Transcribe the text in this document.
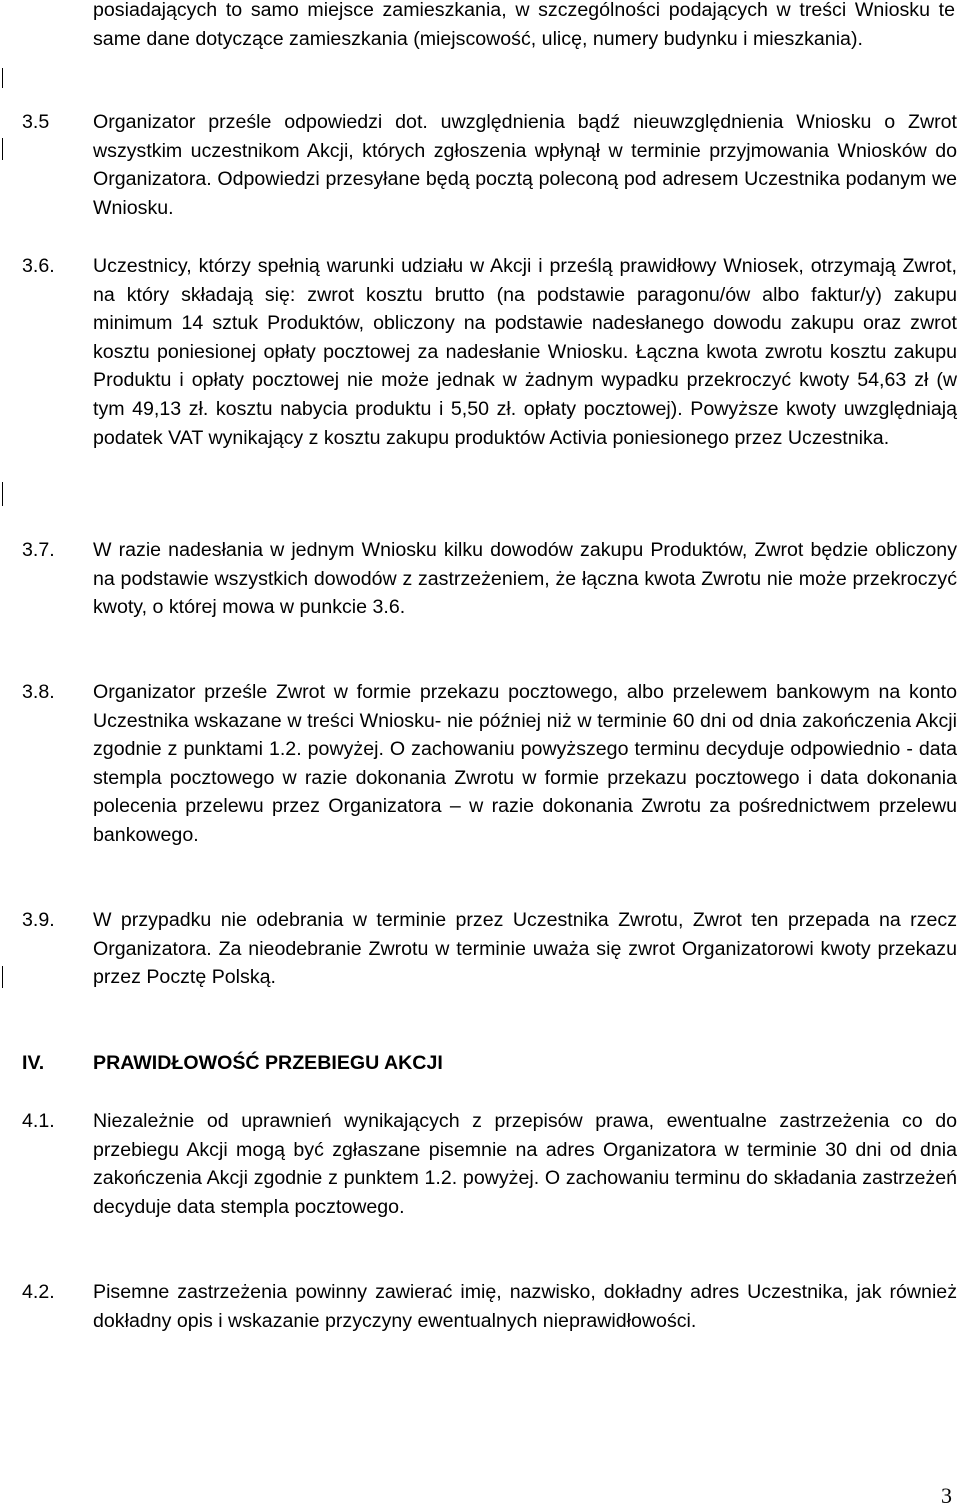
posiadających to samo miejsce zamieszkania, w szczególności podających w treści Wniosku te same dane dotyczące zamieszkania (miejscowość, ulicę, numery budynku i mieszkania).
3.5	Organizator prześle odpowiedzi dot. uwzględnienia bądź nieuwzględnienia Wniosku o Zwrot wszystkim uczestnikom Akcji, których zgłoszenia wpłynął w terminie przyjmowania Wniosków do Organizatora. Odpowiedzi przesyłane będą pocztą poleconą pod adresem Uczestnika podanym we Wniosku.
3.6.	Uczestnicy, którzy spełnią warunki udziału w Akcji i prześlą prawidłowy Wniosek, otrzymają Zwrot, na który składają się: zwrot kosztu brutto (na podstawie paragonu/ów albo faktur/y) zakupu minimum 14 sztuk Produktów, obliczony na podstawie nadesłanego dowodu zakupu oraz zwrot kosztu poniesionej opłaty pocztowej za nadesłanie Wniosku. Łączna kwota zwrotu kosztu zakupu Produktu i opłaty pocztowej nie może jednak w żadnym wypadku przekroczyć kwoty 54,63 zł (w tym 49,13 zł. kosztu nabycia produktu i 5,50 zł. opłaty pocztowej). Powyższe kwoty uwzględniają podatek VAT wynikający z kosztu zakupu produktów Activia poniesionego przez Uczestnika.
3.7.	W razie nadesłania w jednym Wniosku kilku dowodów zakupu Produktów, Zwrot będzie obliczony na podstawie wszystkich dowodów z zastrzeżeniem, że łączna kwota Zwrotu nie może przekroczyć kwoty, o której mowa w punkcie 3.6.
3.8.	Organizator prześle Zwrot w formie przekazu pocztowego, albo przelewem bankowym na konto Uczestnika wskazane w treści Wniosku- nie później niż w terminie 60 dni od dnia zakończenia Akcji zgodnie z punktami 1.2. powyżej. O zachowaniu powyższego terminu decyduje odpowiednio - data stempla pocztowego w razie dokonania Zwrotu w formie przekazu pocztowego i data dokonania polecenia przelewu przez Organizatora – w razie dokonania Zwrotu za pośrednictwem przelewu bankowego.
3.9.	W przypadku nie odebrania w terminie przez Uczestnika Zwrotu, Zwrot ten przepada na rzecz Organizatora. Za nieodebranie Zwrotu w terminie uważa się zwrot Organizatorowi kwoty przekazu przez Pocztę Polską.
IV.	PRAWIDŁOWOŚĆ PRZEBIEGU AKCJI
4.1.	Niezależnie od uprawnień wynikających z przepisów prawa, ewentualne zastrzeżenia co do przebiegu Akcji mogą być zgłaszane pisemnie na adres Organizatora w terminie 30 dni od dnia zakończenia Akcji zgodnie z punktem 1.2. powyżej. O zachowaniu terminu do składania zastrzeżeń decyduje data stempla pocztowego.
4.2.	Pisemne zastrzeżenia powinny zawierać imię, nazwisko, dokładny adres Uczestnika, jak również dokładny opis i wskazanie przyczyny ewentualnych nieprawidłowości.
3
